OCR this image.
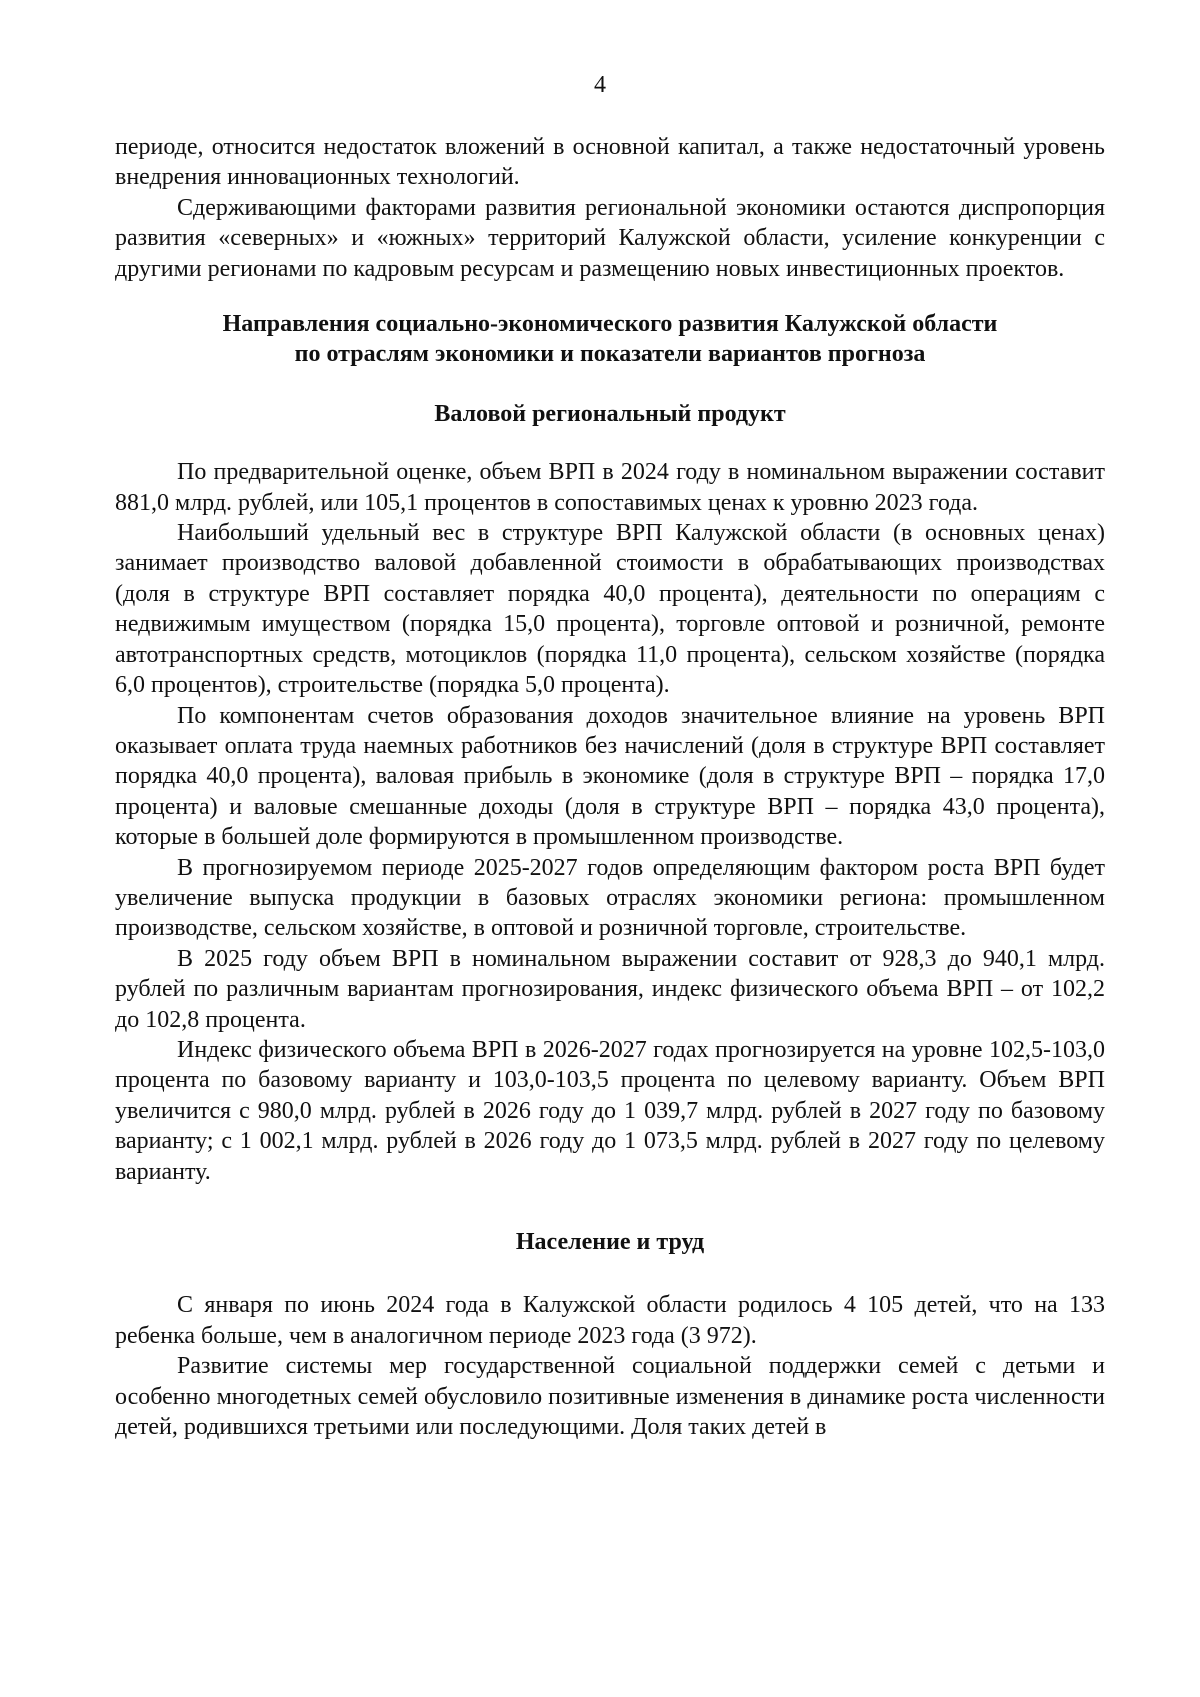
4

периоде, относится недостаток вложений в основной капитал, а также недостаточный уровень внедрения инновационных технологий.

Сдерживающими факторами развития региональной экономики остаются диспропорция развития «северных» и «южных» территорий Калужской области, усиление конкуренции с другими регионами по кадровым ресурсам и размещению новых инвестиционных проектов.

Направления социально-экономического развития Калужской области
по отраслям экономики и показатели вариантов прогноза

Валовой региональный продукт

По предварительной оценке, объем ВРП в 2024 году в номинальном выражении составит 881,0 млрд. рублей, или 105,1 процентов в сопоставимых ценах к уровню 2023 года.

Наибольший удельный вес в структуре ВРП Калужской области (в основных ценах) занимает производство валовой добавленной стоимости в обрабатывающих производствах (доля в структуре ВРП составляет порядка 40,0 процента), деятельности по операциям с недвижимым имуществом (порядка 15,0 процента), торговле оптовой и розничной, ремонте автотранспортных средств, мотоциклов (порядка 11,0 процента), сельском хозяйстве (порядка 6,0 процентов), строительстве (порядка 5,0 процента).

По компонентам счетов образования доходов значительное влияние на уровень ВРП оказывает оплата труда наемных работников без начислений (доля в структуре ВРП составляет порядка 40,0 процента), валовая прибыль в экономике (доля в структуре ВРП – порядка 17,0 процента) и валовые смешанные доходы (доля в структуре ВРП – порядка 43,0 процента), которые в большей доле формируются в промышленном производстве.

В прогнозируемом периоде 2025-2027 годов определяющим фактором роста ВРП будет увеличение выпуска продукции в базовых отраслях экономики региона: промышленном производстве, сельском хозяйстве, в оптовой и розничной торговле, строительстве.

В 2025 году объем ВРП в номинальном выражении составит от 928,3 до 940,1 млрд. рублей по различным вариантам прогнозирования, индекс физического объема ВРП – от 102,2 до 102,8 процента.

Индекс физического объема ВРП в 2026-2027 годах прогнозируется на уровне 102,5-103,0 процента по базовому варианту и 103,0-103,5 процента по целевому варианту. Объем ВРП увеличится с 980,0 млрд. рублей в 2026 году до 1 039,7 млрд. рублей в 2027 году по базовому варианту; с 1 002,1 млрд. рублей в 2026 году до 1 073,5 млрд. рублей в 2027 году по целевому варианту.

Население и труд

С января по июнь 2024 года в Калужской области родилось 4 105 детей, что на 133 ребенка больше, чем в аналогичном периоде 2023 года (3 972).

Развитие системы мер государственной социальной поддержки семей с детьми и особенно многодетных семей обусловило позитивные изменения в динамике роста численности детей, родившихся третьими или последующими. Доля таких детей в
